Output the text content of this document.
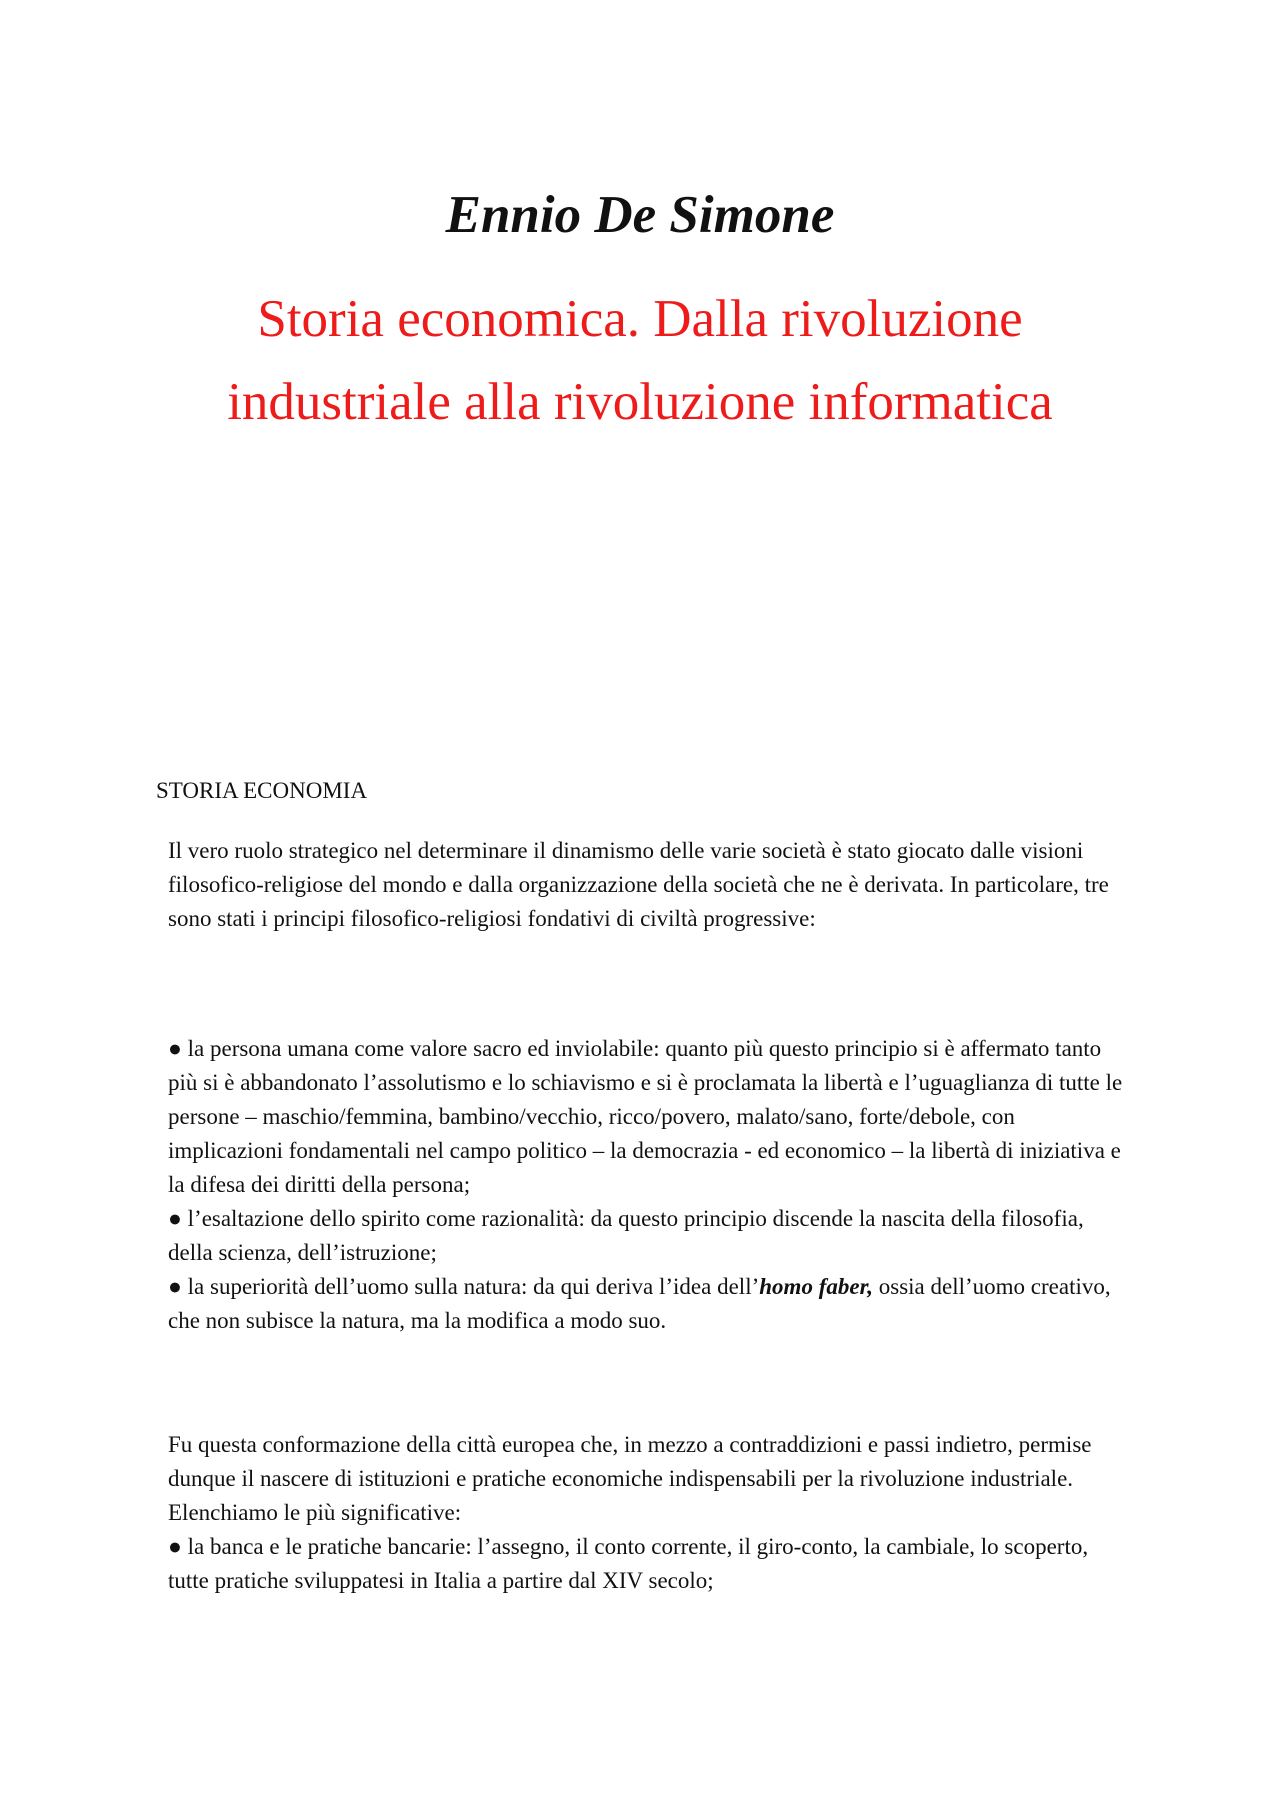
Ennio De Simone
Storia economica. Dalla rivoluzione
industriale alla rivoluzione informatica

STORIA ECONOMIA

Il vero ruolo strategico nel determinare il dinamismo delle varie società è stato giocato dalle visioni filosofico-religiose del mondo e dalla organizzazione della società che ne è derivata. In particolare, tre sono stati i principi filosofico-religiosi fondativi di civiltà progressive:

● la persona umana come valore sacro ed inviolabile: quanto più questo principio si è affermato tanto più si è abbandonato l’assolutismo e lo schiavismo e si è proclamata la libertà e l’uguaglianza di tutte le persone – maschio/femmina, bambino/vecchio, ricco/povero, malato/sano, forte/debole, con implicazioni fondamentali nel campo politico – la democrazia - ed economico – la libertà di iniziativa e la difesa dei diritti della persona;
● l’esaltazione dello spirito come razionalità: da questo principio discende la nascita della filosofia, della scienza, dell’istruzione;
● la superiorità dell’uomo sulla natura: da qui deriva l’idea dell’homo faber, ossia dell’uomo creativo, che non subisce la natura, ma la modifica a modo suo.
Fu questa conformazione della città europea che, in mezzo a contraddizioni e passi indietro, permise dunque il nascere di istituzioni e pratiche economiche indispensabili per la rivoluzione industriale.
Elenchiamo le più significative:
● la banca e le pratiche bancarie: l’assegno, il conto corrente, il giro-conto, la cambiale, lo scoperto, tutte pratiche sviluppatesi in Italia a partire dal XIV secolo;
